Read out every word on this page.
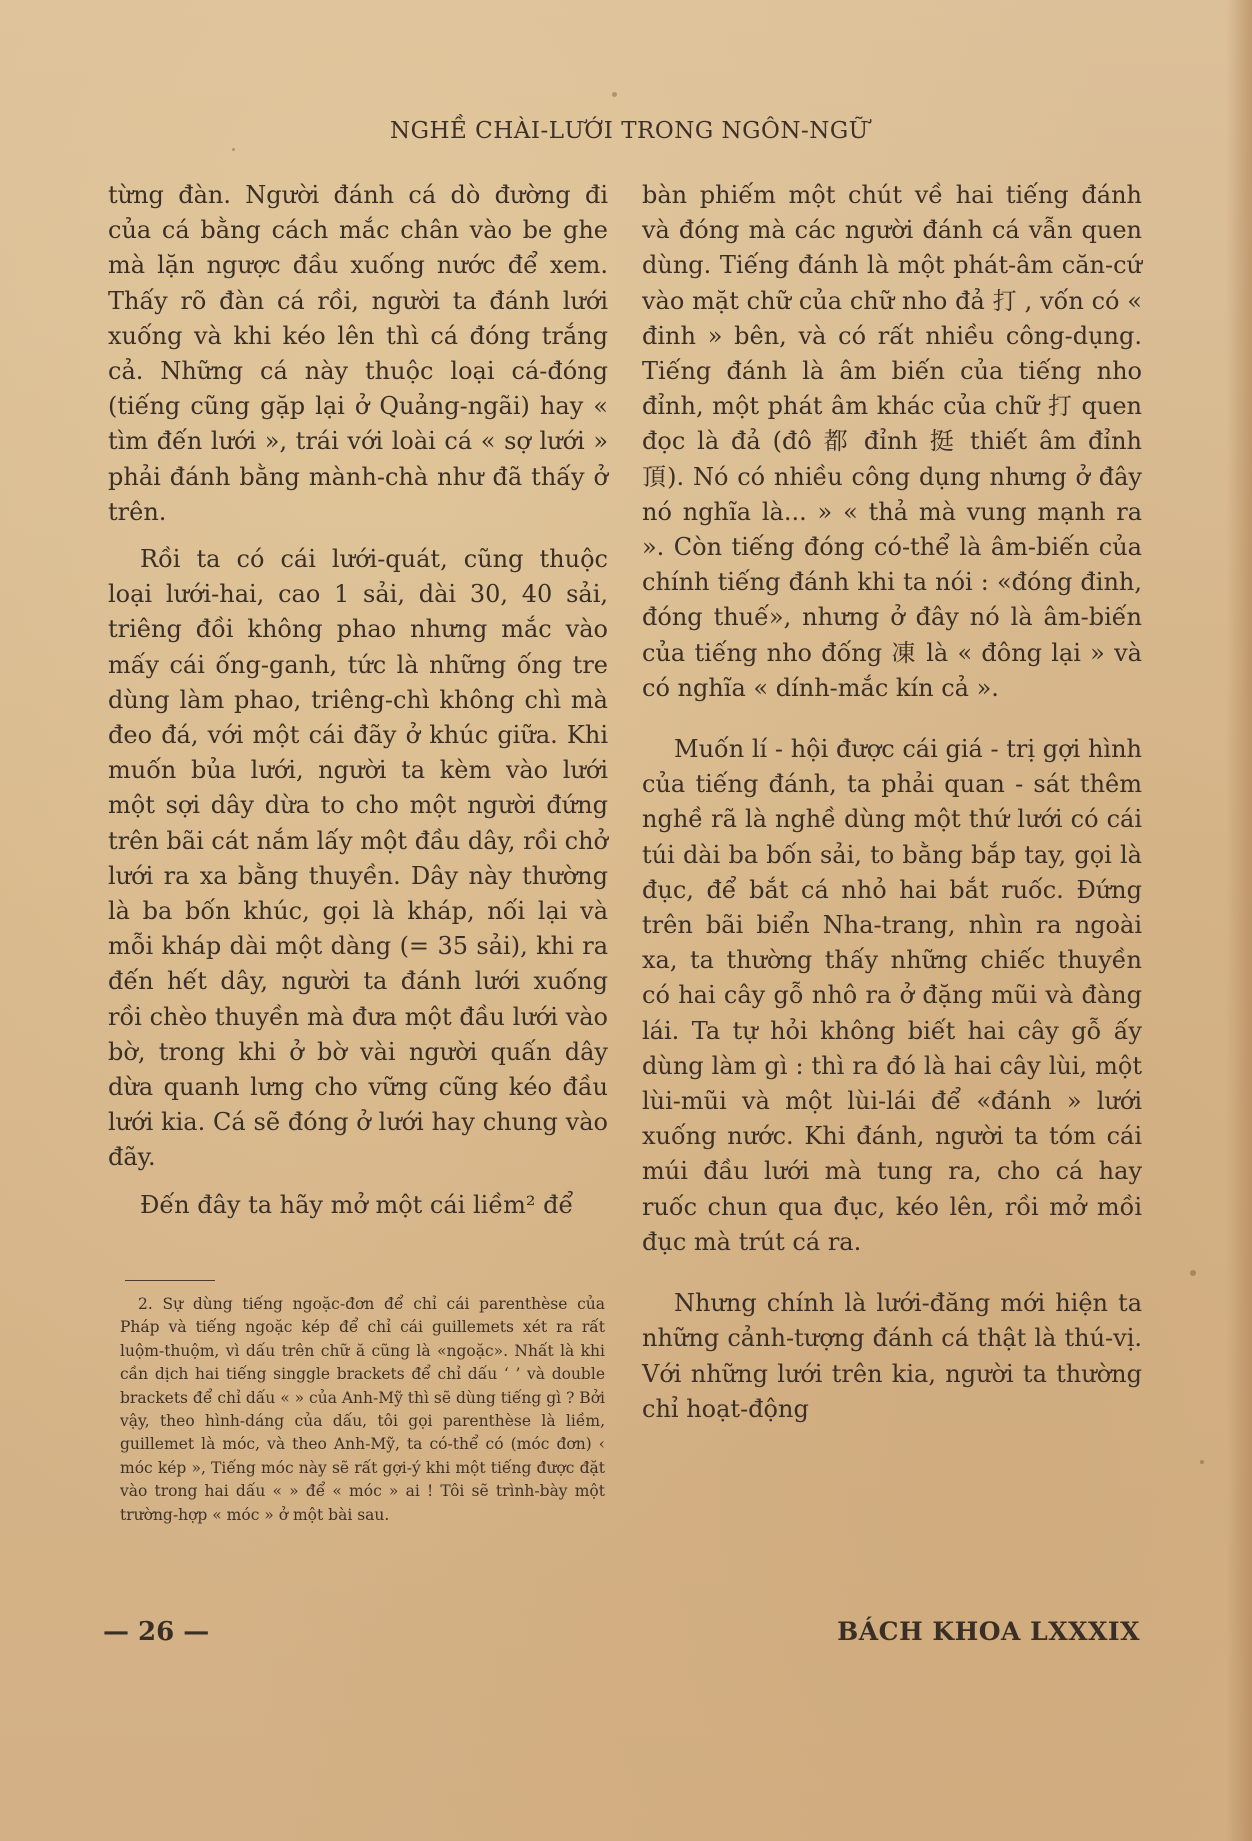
NGHỀ CHÀI-LƯỚI TRONG NGÔN-NGỮ

từng đàn. Người đánh cá dò đường đi của cá bằng cách mắc chân vào be ghe mà lặn ngược đầu xuống nước để xem. Thấy rõ đàn cá rồi, người ta đánh lưới xuống và khi kéo lên thì cá đóng trắng cả. Những cá này thuộc loại cá-đóng (tiếng cũng gặp lại ở Quảng-ngãi) hay « tìm đến lưới », trái với loài cá « sợ lưới » phải đánh bằng mành-chà như đã thấy ở trên.

Rồi ta có cái lưới-quát, cũng thuộc loại lưới-hai, cao 1 sải, dài 30, 40 sải, triêng đồi không phao nhưng mắc vào mấy cái ống-ganh, tức là những ống tre dùng làm phao, triêng-chì không chì mà đeo đá, với một cái đãy ở khúc giữa. Khi muốn bủa lưới, người ta kèm vào lưới một sợi dây dừa to cho một người đứng trên bãi cát nắm lấy một đầu dây, rồi chở lưới ra xa bằng thuyền. Dây này thường là ba bốn khúc, gọi là kháp, nối lại và mỗi kháp dài một dàng (= 35 sải), khi ra đến hết dây, người ta đánh lưới xuống rồi chèo thuyền mà đưa một đầu lưới vào bờ, trong khi ở bờ vài người quấn dây dừa quanh lưng cho vững cũng kéo đầu lưới kia. Cá sẽ đóng ở lưới hay chung vào đãy.

Đến đây ta hãy mở một cái liềm² để

2. Sự dùng tiếng ngoặc-đơn để chỉ cái parenthèse của Pháp và tiếng ngoặc kép để chỉ cái guillemets xét ra rất luộm-thuộm, vì dấu trên chữ ă cũng là «ngoặc». Nhất là khi cần dịch hai tiếng singgle brackets để chỉ dấu ‘ ’ và double brackets để chỉ dấu « » của Anh-Mỹ thì sẽ dùng tiếng gì ? Bởi vậy, theo hình-dáng của dấu, tôi gọi parenthèse là liềm, guillemet là móc, và theo Anh-Mỹ, ta có-thể có (móc đơn) ‹ móc kép », Tiếng móc này sẽ rất gợi-ý khi một tiếng được đặt vào trong hai dấu « » để « móc » ai ! Tôi sẽ trình-bày một trường-hợp « móc » ở một bài sau.

bàn phiếm một chút về hai tiếng đánh và đóng mà các người đánh cá vẫn quen dùng. Tiếng đánh là một phát-âm căn-cứ vào mặt chữ của chữ nho đả 打 , vốn có « đinh » bên, và có rất nhiều công-dụng. Tiếng đánh là âm biến của tiếng nho đỉnh, một phát âm khác của chữ 打 quen đọc là đả (đô 都 đỉnh 挺 thiết âm đỉnh 頂). Nó có nhiều công dụng nhưng ở đây nó nghĩa là... » « thả mà vung mạnh ra ». Còn tiếng đóng có-thể là âm-biến của chính tiếng đánh khi ta nói : «đóng đinh, đóng thuế», nhưng ở đây nó là âm-biến của tiếng nho đống 凍 là « đông lại » và có nghĩa « dính-mắc kín cả ».

Muốn lí - hội được cái giá - trị gợi hình của tiếng đánh, ta phải quan - sát thêm nghề rã là nghề dùng một thứ lưới có cái túi dài ba bốn sải, to bằng bắp tay, gọi là đục, để bắt cá nhỏ hai bắt ruốc. Đứng trên bãi biển Nha-trang, nhìn ra ngoài xa, ta thường thấy những chiếc thuyền có hai cây gỗ nhô ra ở đặng mũi và đàng lái. Ta tự hỏi không biết hai cây gỗ ấy dùng làm gì : thì ra đó là hai cây lùi, một lùi-mũi và một lùi-lái để «đánh » lưới xuống nước. Khi đánh, người ta tóm cái múi đầu lưới mà tung ra, cho cá hay ruốc chun qua đục, kéo lên, rồi mở mồi đục mà trút cá ra.

Nhưng chính là lưới-đăng mới hiện ta những cảnh-tượng đánh cá thật là thú-vị. Với những lưới trên kia, người ta thường chỉ hoạt-động

— 26 —	BÁCH KHOA LXXXIX
